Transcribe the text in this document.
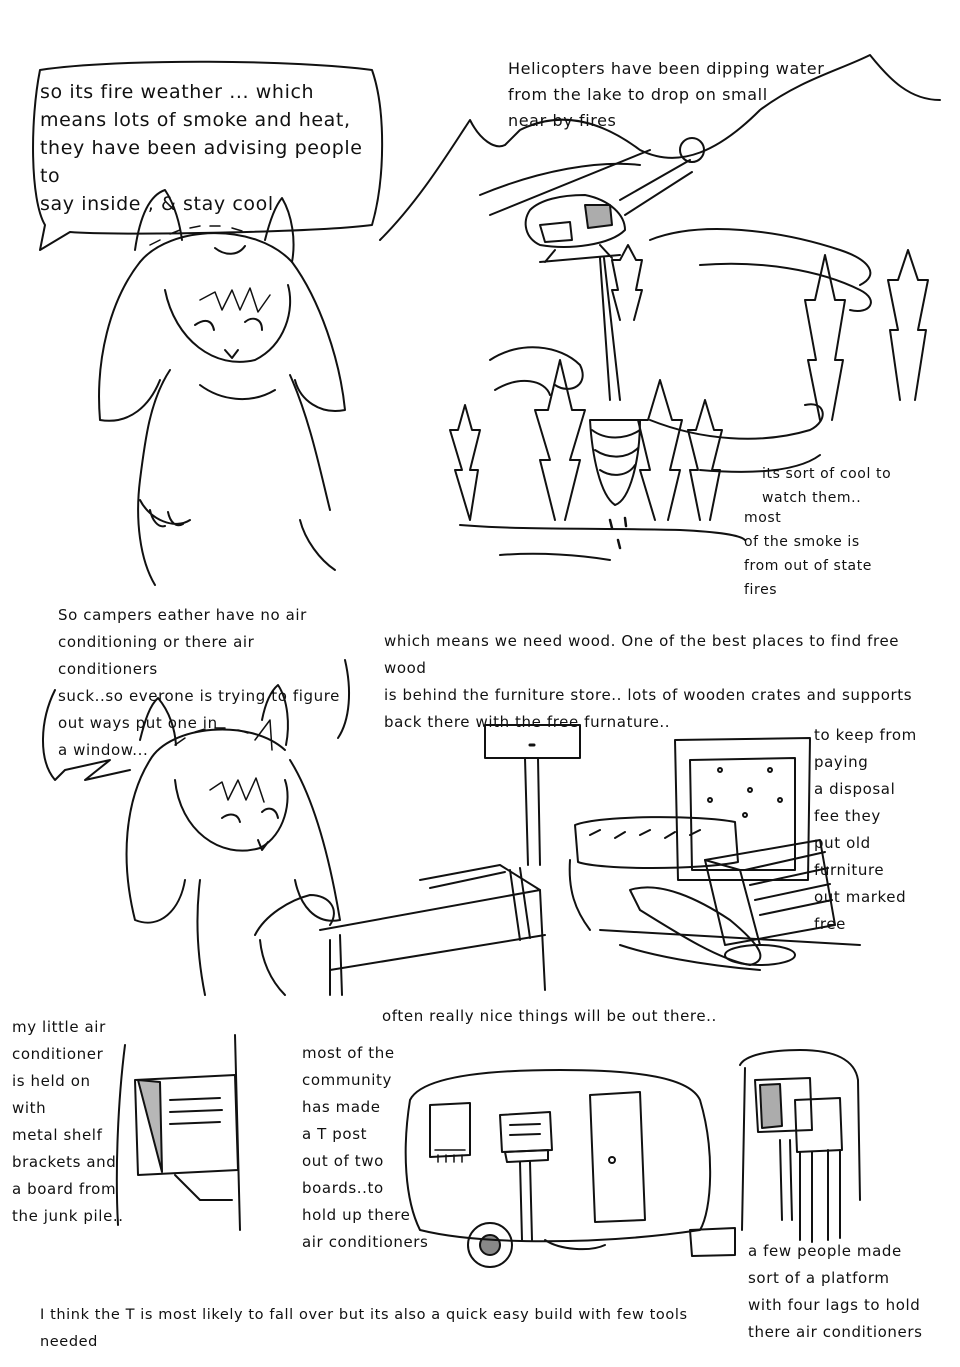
so its fire weather ... which
means lots of smoke and heat,
they have been advising people to
say inside , & stay cool
Helicopters have been dipping water
from the lake to drop on small
near by fires
its sort of cool to
watch them..
most
of the smoke is
from out of state
fires
So campers eather have no air
conditioning or there air conditioners
suck..so everone is trying to figure
out ways put one in
a window...
which means we need wood. One of the best places to find free wood
is behind the furniture store.. lots of wooden crates and supports
back there with the free furnature..
to keep from
paying
a disposal
fee they
put old
furniture
out marked
free
often really nice things will be out there..
my little air
conditioner
is held on
with
metal shelf
brackets and
a board from
the junk pile..
most of the
community
has made
a T post
out of two
boards..to
hold up there
air conditioners	a few people made
sort of a platform
with four lags to hold
there air conditioners
I think the T is most likely to fall over but its also a quick easy build with few tools needed
